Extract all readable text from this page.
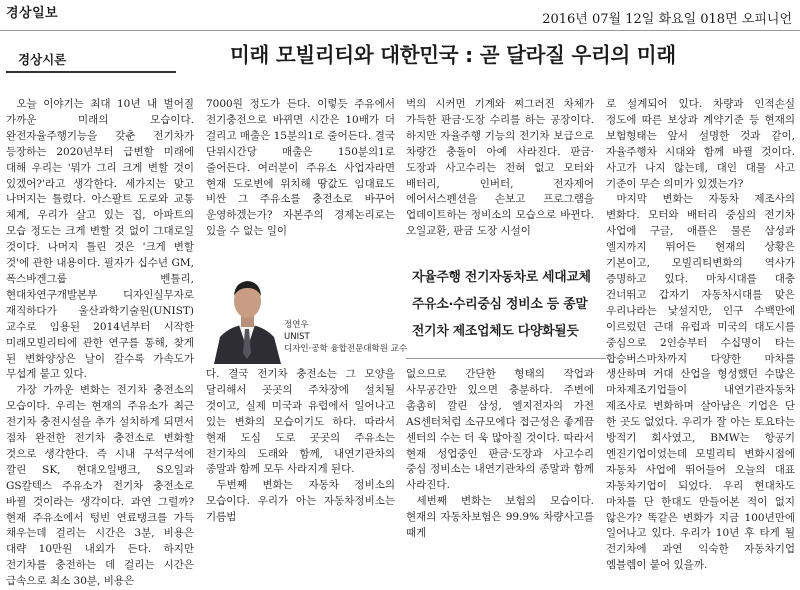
경상일보	2016년 07월 12일 화요일 018면 오피니언
경상시론	미래 모빌리티와 대한민국 : 곧 달라질 우리의 미래

오늘 이야기는 최대 10년 내 벌어질 가까운 미래의 모습이다. 완전자율주행기능을 갖춘 전기차가 등장하는 2020년부터 급변할 미래에 대해 우리는 '뭐가 그리 크게 변할 것이 있겠어?'라고 생각한다. 세가지는 맞고 나머지는 틀렸다. 아스팔트 도로와 교통 체계, 우리가 살고 있는 집, 아파트의 모습 정도는 크게 변할 것 없이 그대로일 것이다. 나머지 틀린 것은 '크게 변할 것'에 관한 내용이다. 필자가 십수년 GM, 폭스바겐그룹 벤틀리, 현대차연구개발본부 디자인실무자로 재직하다가 울산과학기술원(UNIST) 교수로 임용된 2014년부터 시작한 미래모빌리티에 관한 연구를 통해, 찾게 된 변화양상은 날이 갈수록 가속도가 무섭게 붙고 있다.

가장 가까운 변화는 전기차 충전소의 모습이다. 우리는 현재의 주유소가 최근 전기차 충전시설을 추가 설치하게 되면서 점차 완전한 전기차 충전소로 변화할 것으로 생각한다. 즉 시내 구석구석에 깔린 SK, 현대오일뱅크, S오일과 GS칼텍스 주유소가 전기차 충전소로 바뀔 것이라는 생각이다. 과연 그럴까? 현재 주유소에서 텅빈 연료탱크를 가득 채우는데 걸리는 시간은 3분, 비용은 대략 10만원 내외가 든다. 하지만 전기차를 충전하는 데 걸리는 시간은 급속으로 최소 30분, 비용은

7000원 정도가 든다. 이렇듯 주유에서 전기충전으로 바뀌면 시간은 10배가 더 걸리고 매출은 15분의1로 줄어든다. 결국 단위시간당 매출은 150분의1로 줄어든다. 여러분이 주유소 사업자라면 현재 도로변에 위치해 땅값도 임대료도 비싼 그 주유소를 충전소로 바꾸어 운영하겠는가? 자본주의 경제논리로는 있을 수 없는 일이

벅의 시커먼 기계와 찌그러진 차체가 가득한 판금·도장 수리를 하는 공장이다. 하지만 자율주행 기능의 전기차 보급으로 차량간 충돌이 아예 사라진다. 판금·도장과 사고수리는 전혀 없고 모터와 배터리, 인버터, 전자제어 에어서스펜션을 손보고 프로그램을 업데이트하는 정비소의 모습으로 바뀐다. 오일교환, 판금 도장 시설이

정연우
UNIST
디자인·공학 융합전문대학원 교수
자율주행 전기자동차로 세대교체
주유소·수리중심 정비소 등 종말
전기차 제조업체도 다양화될듯

다. 결국 전기차 충전소는 그 모양을 달리해서 곳곳의 주차장에 설치될 것이고, 실제 미국과 유럽에서 일어나고 있는 변화의 모습이기도 하다. 따라서 현재 도심 도로 곳곳의 주유소는 전기차의 도래와 함께, 내연기관차의 종말과 함께 모두 사라지게 된다.

두번째 변화는 자동차 정비소의 모습이다. 우리가 아는 자동차정비소는 기름범

없으므로 간단한 형태의 작업과 사무공간만 있으면 충분하다. 주변에 촘촘히 깔린 삼성, 엘지전자의 가전 AS센터처럼 소규모에다 접근성은 좋게끔 센터의 수는 더 욱 많아질 것이다. 따라서 현재 성업중인 판금·도장과 사고수리 중심 정비소는 내연기관차의 종말과 함께 사라진다.

세번째 변화는 보험의 모습이다. 현재의 자동차보험은 99.9% 차량사고를 때게

로 설계되어 있다. 차량과 인적손실 정도에 따른 보상과 계약기준 등 현재의 보험형태는 앞서 설명한 것과 같이, 자율주행차 시대와 함께 바뀔 것이다. 사고가 나지 않는데, 대인 대물 사고 기준이 무슨 의미가 있겠는가?

마지막 변화는 자동차 제조사의 변화다. 모터와 배터리 중심의 전기차 사업에 구글, 애플은 물론 삼성과 엘지까지 뛰어든 현재의 상황은 기본이고, 모빌리티변화의 역사가 증명하고 있다. 마차시대를 대충 건너뛰고 갑자기 자동차시대를 맞은 우리나라는 낯설지만, 인구 수백만에 이르렀던 근대 유럽과 미국의 대도시를 중심으로 2인승부터 수십명이 타는 합승버스마차까지 다양한 마차를 생산하며 거대 산업을 형성했던 수많은 마차제조기업들이 내연기관자동차 제조사로 변화하며 살아남은 기업은 단 한 곳도 없었다. 우리가 잘 아는 토요타는 방적기 회사였고, BMW는 항공기 엔진기업이었는데 모빌리티 변화시점에 자동차 사업에 뛰어들어 오늘의 대표 자동차기업이 되었다. 우리 현대차도 마차를 단 한대도 만들어본 적이 없지 않은가? 똑같은 변화가 지금 100년만에 일어나고 있다. 우리가 10년 후 타게 될 전기차에 과연 익숙한 자동차기업 엠블렘이 붙어 있을까.
